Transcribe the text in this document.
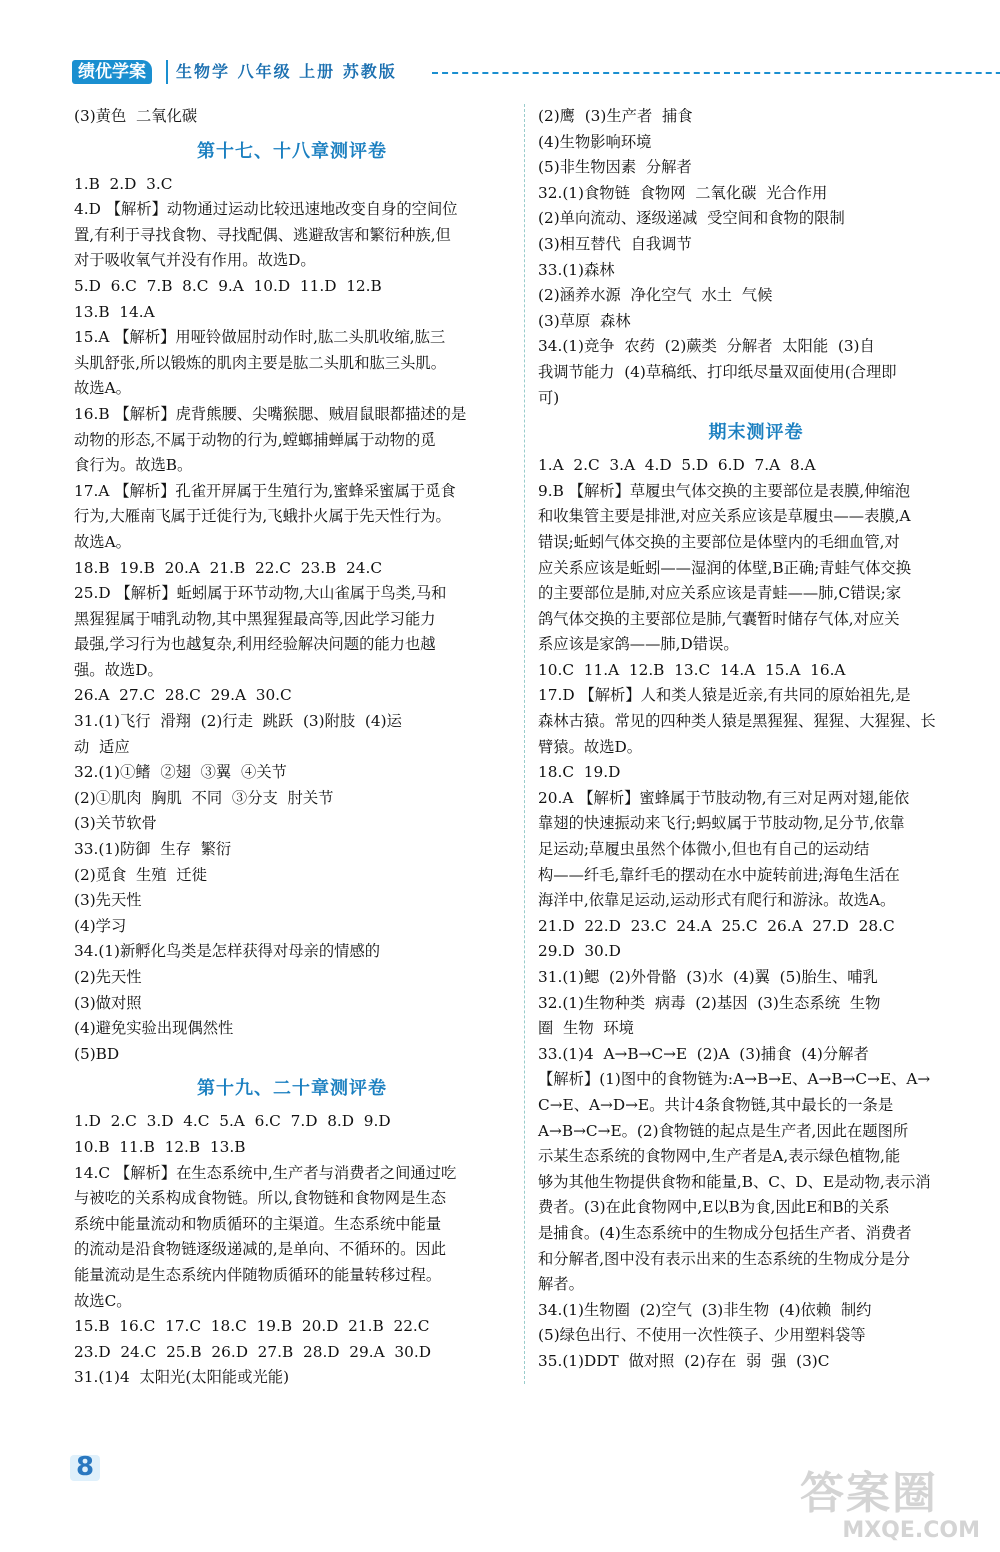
绩优学案	生物学 八年级 上册 苏教版
(3)黄色  二氧化碳
第十七、十八章测评卷
1.B  2.D  3.C
4.D 【解析】动物通过运动比较迅速地改变自身的空间位
置,有利于寻找食物、寻找配偶、逃避敌害和繁衍种族,但
对于吸收氧气并没有作用。故选D。
5.D  6.C  7.B  8.C  9.A  10.D  11.D  12.B
13.B  14.A
15.A 【解析】用哑铃做屈肘动作时,肱二头肌收缩,肱三
头肌舒张,所以锻炼的肌肉主要是肱二头肌和肱三头肌。
故选A。
16.B 【解析】虎背熊腰、尖嘴猴腮、贼眉鼠眼都描述的是
动物的形态,不属于动物的行为,螳螂捕蝉属于动物的觅
食行为。故选B。
17.A 【解析】孔雀开屏属于生殖行为,蜜蜂采蜜属于觅食
行为,大雁南飞属于迁徙行为,飞蛾扑火属于先天性行为。
故选A。
18.B  19.B  20.A  21.B  22.C  23.B  24.C
25.D 【解析】蚯蚓属于环节动物,大山雀属于鸟类,马和
黑猩猩属于哺乳动物,其中黑猩猩最高等,因此学习能力
最强,学习行为也越复杂,利用经验解决问题的能力也越
强。故选D。
26.A  27.C  28.C  29.A  30.C
31.(1)飞行  滑翔  (2)行走  跳跃  (3)附肢  (4)运
动  适应
32.(1)①鳍  ②翅  ③翼  ④关节
(2)①肌肉  胸肌  不同  ③分支  肘关节
(3)关节软骨
33.(1)防御  生存  繁衍
(2)觅食  生殖  迁徙
(3)先天性
(4)学习
34.(1)新孵化鸟类是怎样获得对母亲的情感的
(2)先天性
(3)做对照
(4)避免实验出现偶然性
(5)BD
第十九、二十章测评卷
1.D  2.C  3.D  4.C  5.A  6.C  7.D  8.D  9.D
10.B  11.B  12.B  13.B
14.C 【解析】在生态系统中,生产者与消费者之间通过吃
与被吃的关系构成食物链。所以,食物链和食物网是生态
系统中能量流动和物质循环的主渠道。生态系统中能量
的流动是沿食物链逐级递减的,是单向、不循环的。因此
能量流动是生态系统内伴随物质循环的能量转移过程。
故选C。
15.B  16.C  17.C  18.C  19.B  20.D  21.B  22.C
23.D  24.C  25.B  26.D  27.B  28.D  29.A  30.D
31.(1)4  太阳光(太阳能或光能)
(2)鹰  (3)生产者  捕食
(4)生物影响环境
(5)非生物因素  分解者
32.(1)食物链  食物网  二氧化碳  光合作用
(2)单向流动、逐级递减  受空间和食物的限制
(3)相互替代  自我调节
33.(1)森林
(2)涵养水源  净化空气  水土  气候
(3)草原  森林
34.(1)竞争  农药  (2)蕨类  分解者  太阳能  (3)自
我调节能力  (4)草稿纸、打印纸尽量双面使用(合理即
可)
期末测评卷
1.A  2.C  3.A  4.D  5.D  6.D  7.A  8.A
9.B 【解析】草履虫气体交换的主要部位是表膜,伸缩泡
和收集管主要是排泄,对应关系应该是草履虫——表膜,A
错误;蚯蚓气体交换的主要部位是体壁内的毛细血管,对
应关系应该是蚯蚓——湿润的体壁,B正确;青蛙气体交换
的主要部位是肺,对应关系应该是青蛙——肺,C错误;家
鸽气体交换的主要部位是肺,气囊暂时储存气体,对应关
系应该是家鸽——肺,D错误。
10.C  11.A  12.B  13.C  14.A  15.A  16.A
17.D 【解析】人和类人猿是近亲,有共同的原始祖先,是
森林古猿。常见的四种类人猿是黑猩猩、猩猩、大猩猩、长
臂猿。故选D。
18.C  19.D
20.A 【解析】蜜蜂属于节肢动物,有三对足两对翅,能依
靠翅的快速振动来飞行;蚂蚁属于节肢动物,足分节,依靠
足运动;草履虫虽然个体微小,但也有自己的运动结
构——纤毛,靠纤毛的摆动在水中旋转前进;海龟生活在
海洋中,依靠足运动,运动形式有爬行和游泳。故选A。
21.D  22.D  23.C  24.A  25.C  26.A  27.D  28.C
29.D  30.D
31.(1)鳃  (2)外骨骼  (3)水  (4)翼  (5)胎生、哺乳
32.(1)生物种类  病毒  (2)基因  (3)生态系统  生物
圈  生物  环境
33.(1)4  A→B→C→E  (2)A  (3)捕食  (4)分解者
【解析】(1)图中的食物链为:A→B→E、A→B→C→E、A→
C→E、A→D→E。共计4条食物链,其中最长的一条是
A→B→C→E。(2)食物链的起点是生产者,因此在题图所
示某生态系统的食物网中,生产者是A,表示绿色植物,能
够为其他生物提供食物和能量,B、C、D、E是动物,表示消
费者。(3)在此食物网中,E以B为食,因此E和B的关系
是捕食。(4)生态系统中的生物成分包括生产者、消费者
和分解者,图中没有表示出来的生态系统的生物成分是分
解者。
34.(1)生物圈  (2)空气  (3)非生物  (4)依赖  制约
(5)绿色出行、不使用一次性筷子、少用塑料袋等
35.(1)DDT  做对照  (2)存在  弱  强  (3)C
8
答案圈
MXQE.COM
